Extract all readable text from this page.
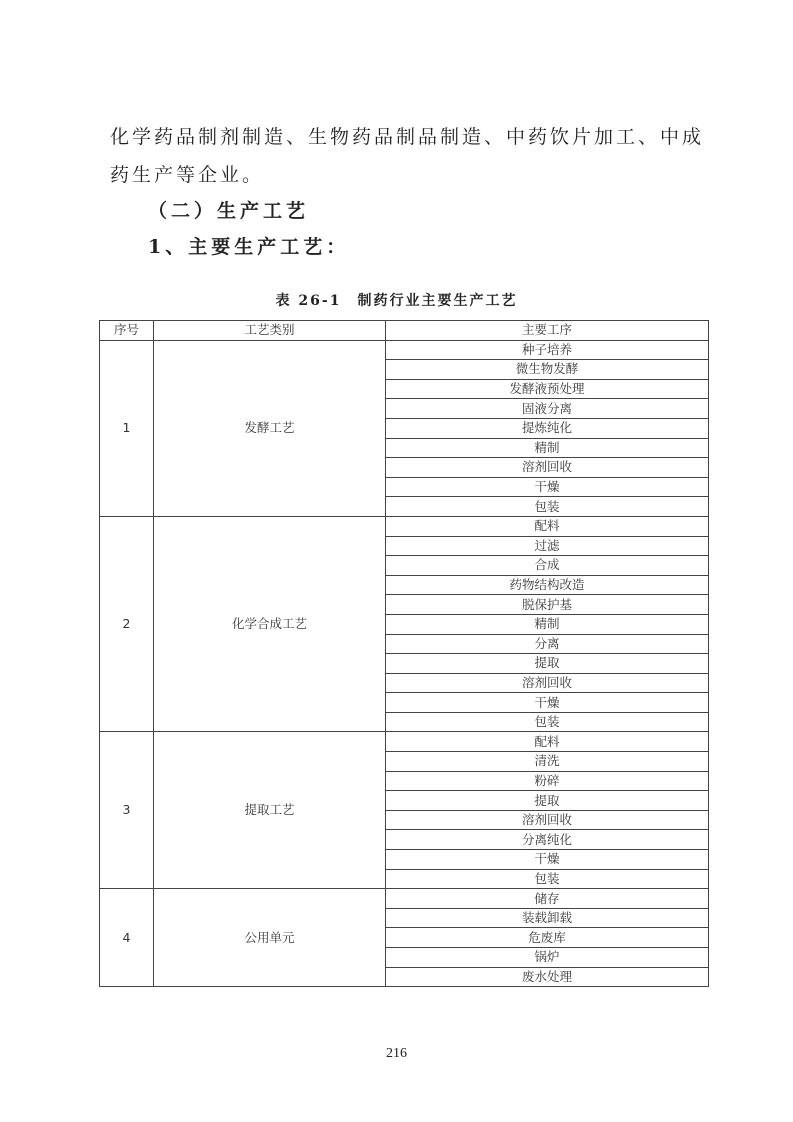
化学药品制剂制造、生物药品制品制造、中药饮片加工、中成药生产等企业。

（二）生产工艺

1、主要生产工艺：

表 26-1　制药行业主要生产工艺
序号	工艺类别	主要工序
1	发酵工艺	种子培养
		微生物发酵
		发酵液预处理
		固液分离
		提炼纯化
		精制
		溶剂回收
		干燥
		包装
2	化学合成工艺	配料
		过滤
		合成
		药物结构改造
		脱保护基
		精制
		分离
		提取
		溶剂回收
		干燥
		包装
3	提取工艺	配料
		清洗
		粉碎
		提取
		溶剂回收
		分离纯化
		干燥
		包装
4	公用单元	储存
		装载卸载
		危废库
		锅炉
		废水处理
216
